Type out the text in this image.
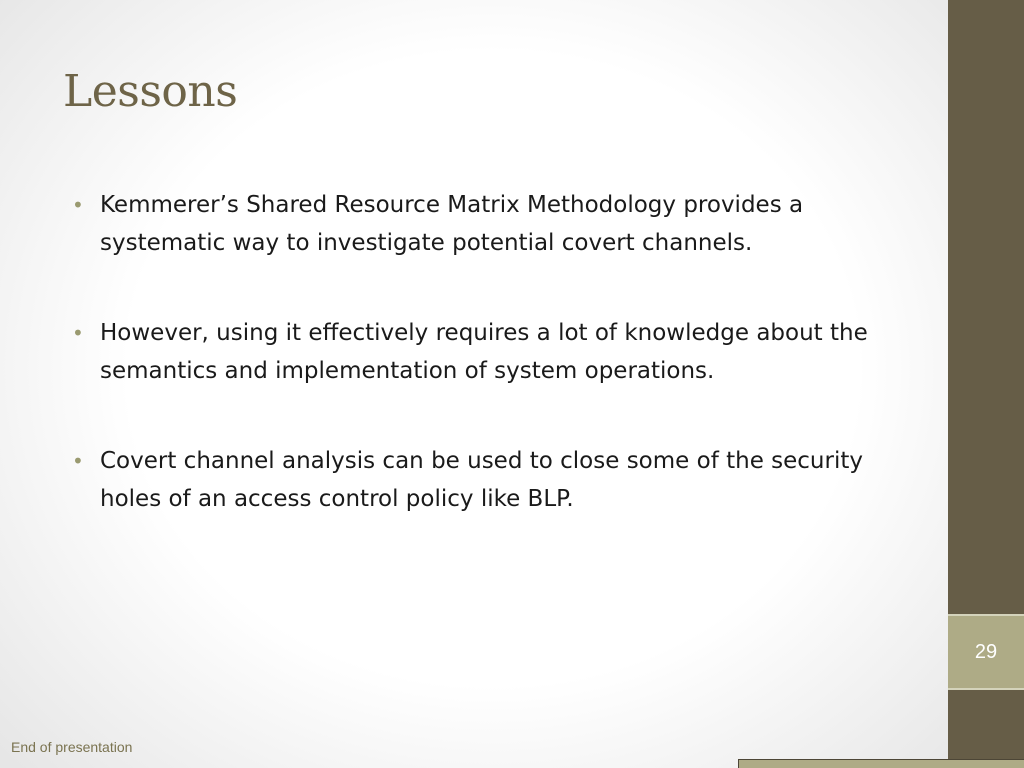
Lessons
• Kemmerer’s Shared Resource Matrix Methodology provides a systematic way to investigate potential covert channels.
• However, using it effectively requires a lot of knowledge about the semantics and implementation of system operations.
• Covert channel analysis can be used to close some of the security holes of an access control policy like BLP.
29
End of presentation
